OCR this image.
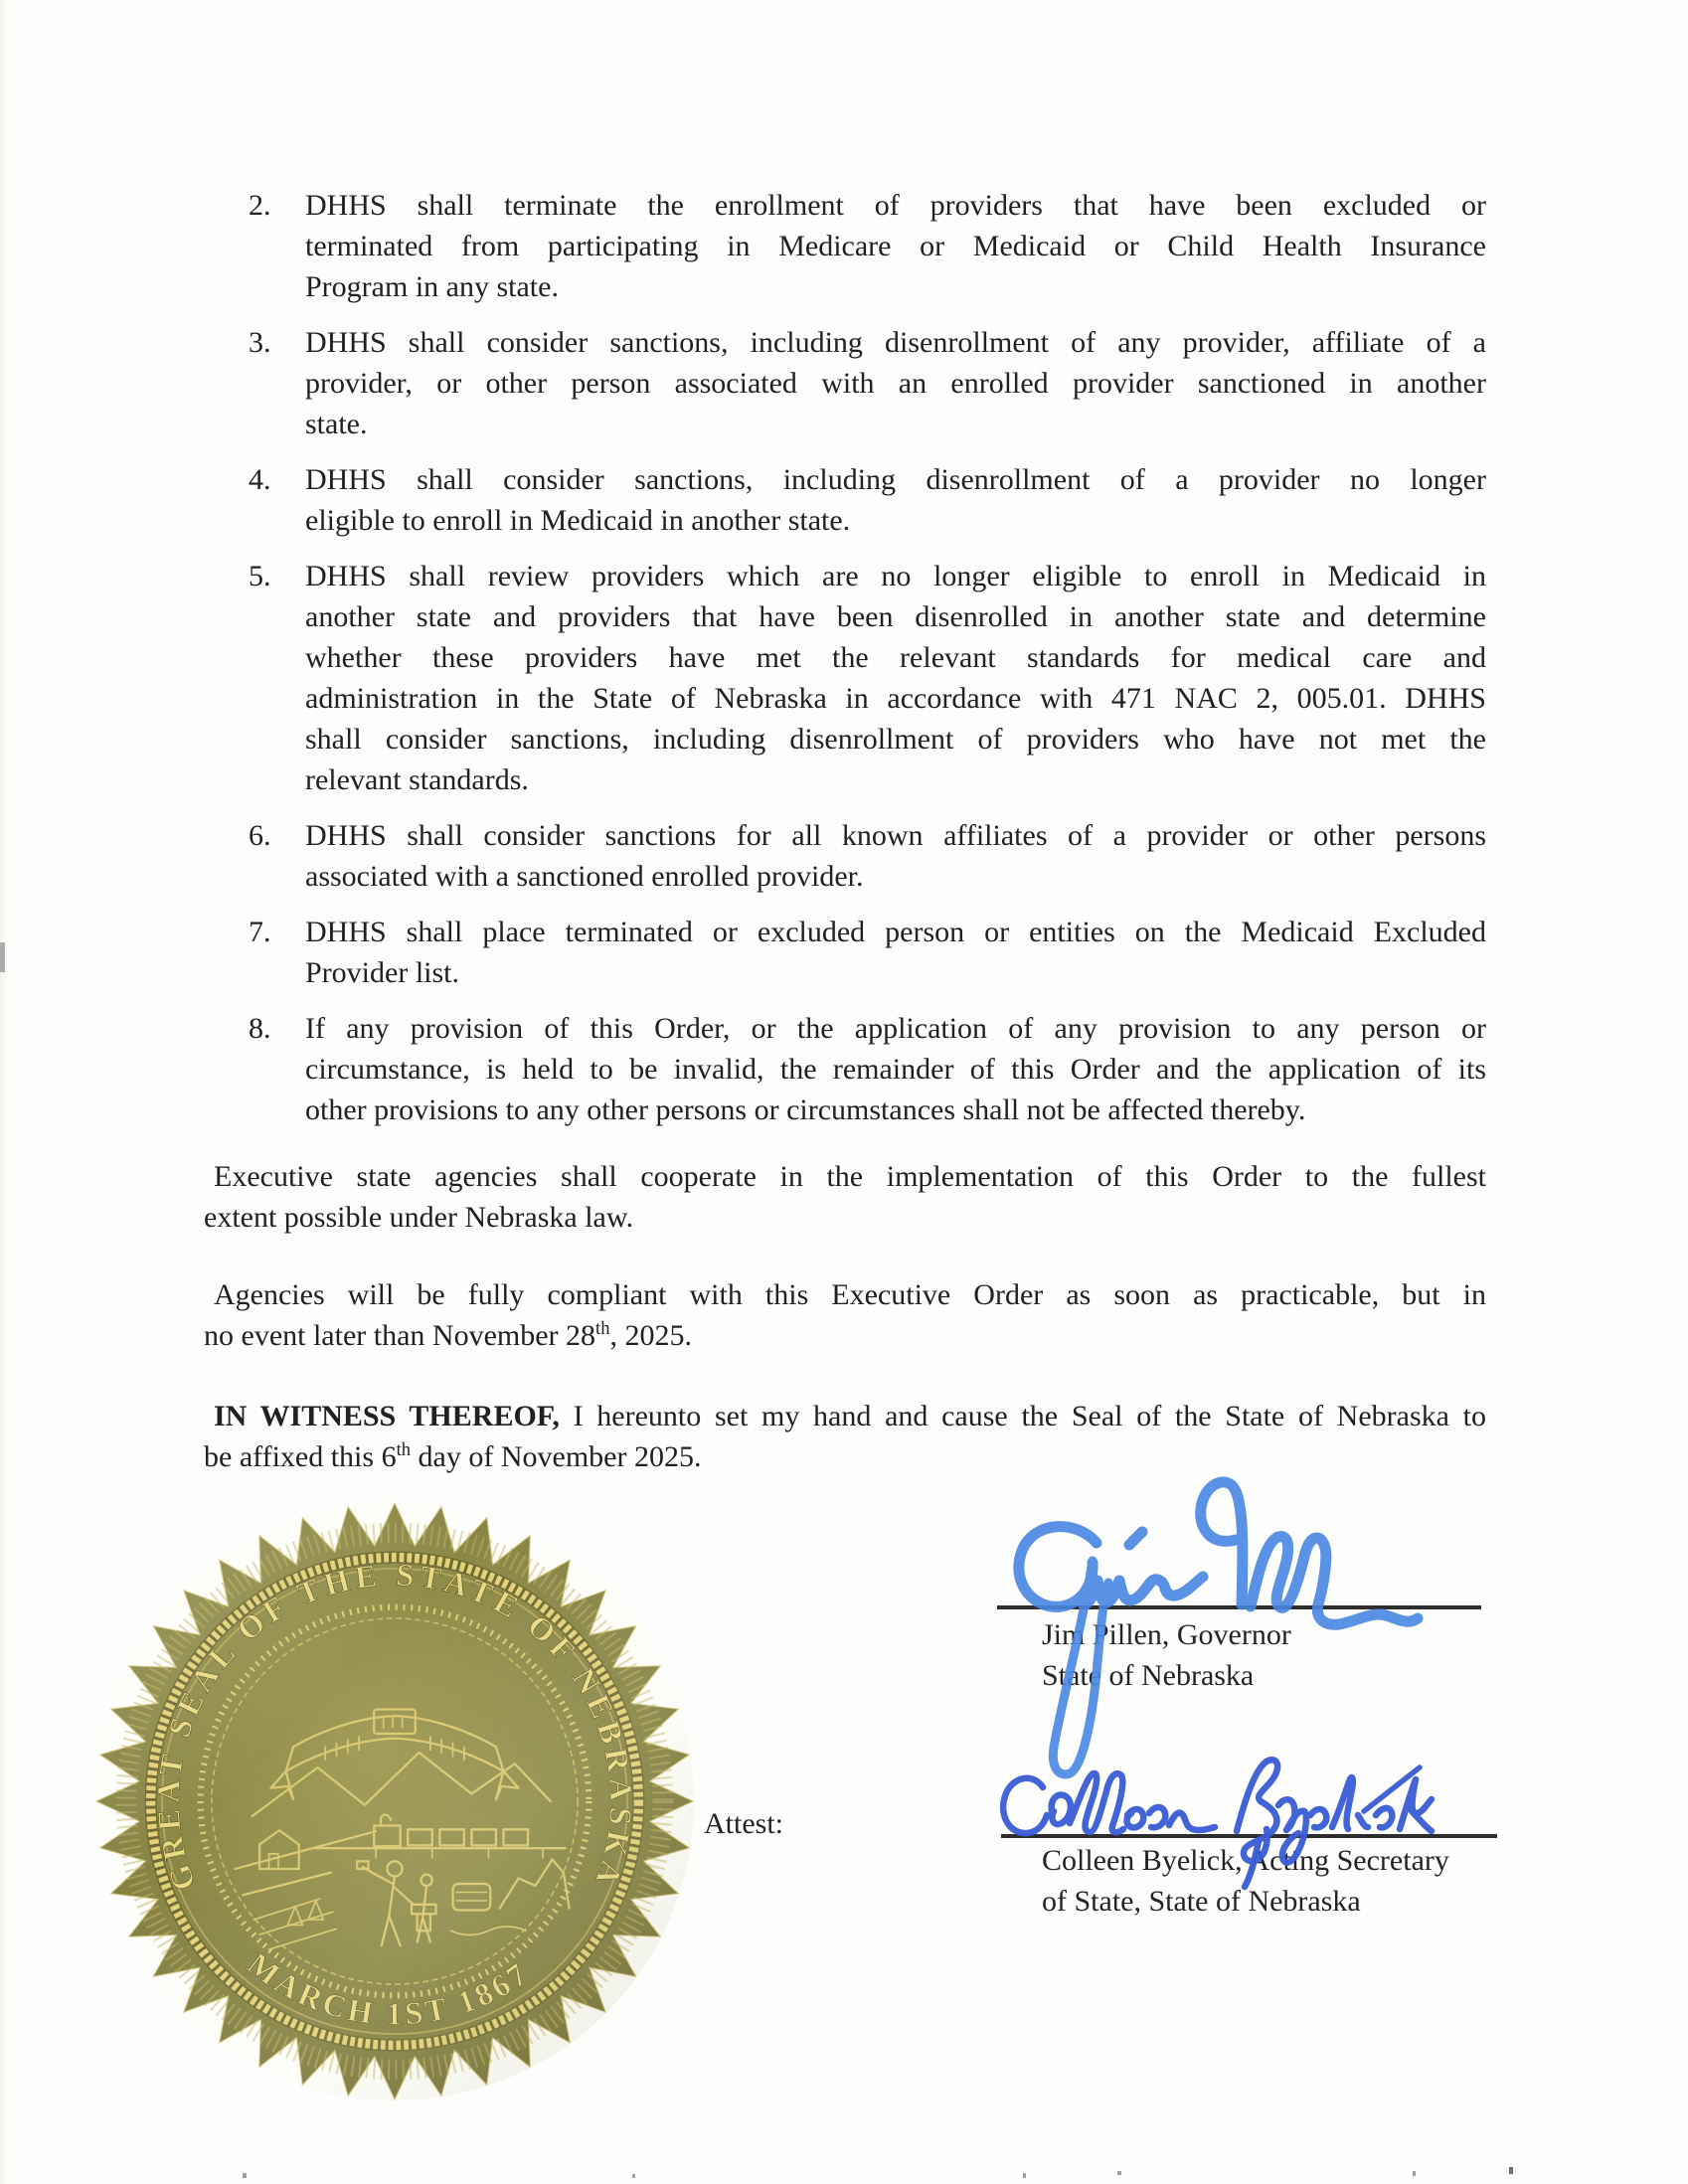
2. DHHS shall terminate the enrollment of providers that have been excluded or
terminated from participating in Medicare or Medicaid or Child Health Insurance
Program in any state.
3. DHHS shall consider sanctions, including disenrollment of any provider, affiliate of a
provider, or other person associated with an enrolled provider sanctioned in another
state.
4. DHHS shall consider sanctions, including disenrollment of a provider no longer
eligible to enroll in Medicaid in another state.
5. DHHS shall review providers which are no longer eligible to enroll in Medicaid in
another state and providers that have been disenrolled in another state and determine
whether these providers have met the relevant standards for medical care and
administration in the State of Nebraska in accordance with 471 NAC 2, 005.01. DHHS
shall consider sanctions, including disenrollment of providers who have not met the
relevant standards.
6. DHHS shall consider sanctions for all known affiliates of a provider or other persons
associated with a sanctioned enrolled provider.
7. DHHS shall place terminated or excluded person or entities on the Medicaid Excluded
Provider list.
8. If any provision of this Order, or the application of any provision to any person or
circumstance, is held to be invalid, the remainder of this Order and the application of its
other provisions to any other persons or circumstances shall not be affected thereby.
Executive state agencies shall cooperate in the implementation of this Order to the fullest
extent possible under Nebraska law.
Agencies will be fully compliant with this Executive Order as soon as practicable, but in
no event later than November 28th, 2025.
IN WITNESS THEREOF, I hereunto set my hand and cause the Seal of the State of Nebraska to
be affixed this 6th day of November 2025.
Jim Pillen, Governor
State of Nebraska
Attest:
Colleen Byelick, Acting Secretary
of State, State of Nebraska
